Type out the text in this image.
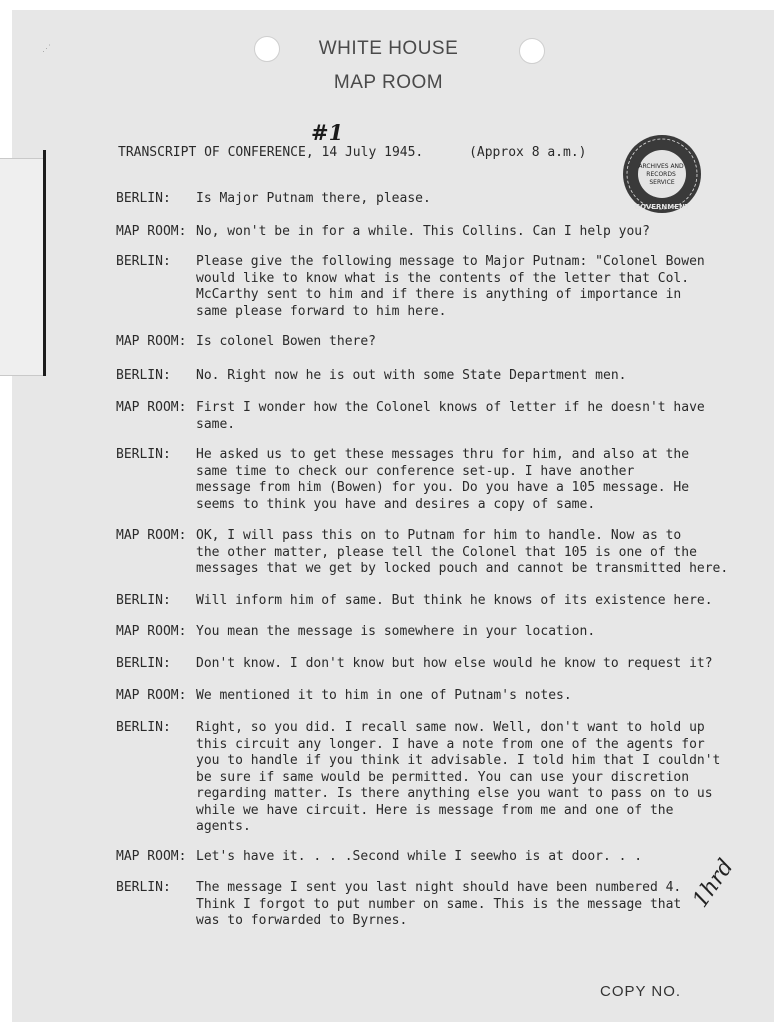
⋰	WHITE HOUSE
MAP ROOM
TRANSCRIPT OF CONFERENCE, 14 July 1945.	(Approx 8 a.m.)
#1
ARCHIVES AND RECORDS SERVICE
GOVERNMENT
BERLIN: Is Major Putnam there, please.
MAP ROOM: No, won't be in for a while. This Collins. Can I help you?
BERLIN: Please give the following message to Major Putnam: "Colonel Bowen
would like to know what is the contents of the letter that Col.
McCarthy sent to him and if there is anything of importance in
same please forward to him here.
MAP ROOM: Is colonel Bowen there?
BERLIN: No. Right now he is out with some State Department men.
MAP ROOM: First I wonder how the Colonel knows of letter if he doesn't have
same.
BERLIN: He asked us to get these messages thru for him, and also at the
same time to check our conference set-up. I have another
message from him (Bowen) for you. Do you have a 105 message. He
seems to think you have and desires a copy of same.
MAP ROOM: OK, I will pass this on to Putnam for him to handle. Now as to
the other matter, please tell the Colonel that 105 is one of the
messages that we get by locked pouch and cannot be transmitted here.
BERLIN: Will inform him of same. But think he knows of its existence here.
MAP ROOM: You mean the message is somewhere in your location.
BERLIN: Don't know. I don't know but how else would he know to request it?
MAP ROOM: We mentioned it to him in one of Putnam's notes.
BERLIN: Right, so you did. I recall same now. Well, don't want to hold up
this circuit any longer. I have a note from one of the agents for
you to handle if you think it advisable. I told him that I couldn't
be sure if same would be permitted. You can use your discretion
regarding matter. Is there anything else you want to pass on to us
while we have circuit. Here is message from me and one of the
agents.
MAP ROOM: Let's have it. . . .Second while I seewho is at door. . .
BERLIN: The message I sent you last night should have been numbered 4.
Think I forgot to put number on same. This is the message that
was to forwarded to Byrnes.
1hrd
COPY NO.
